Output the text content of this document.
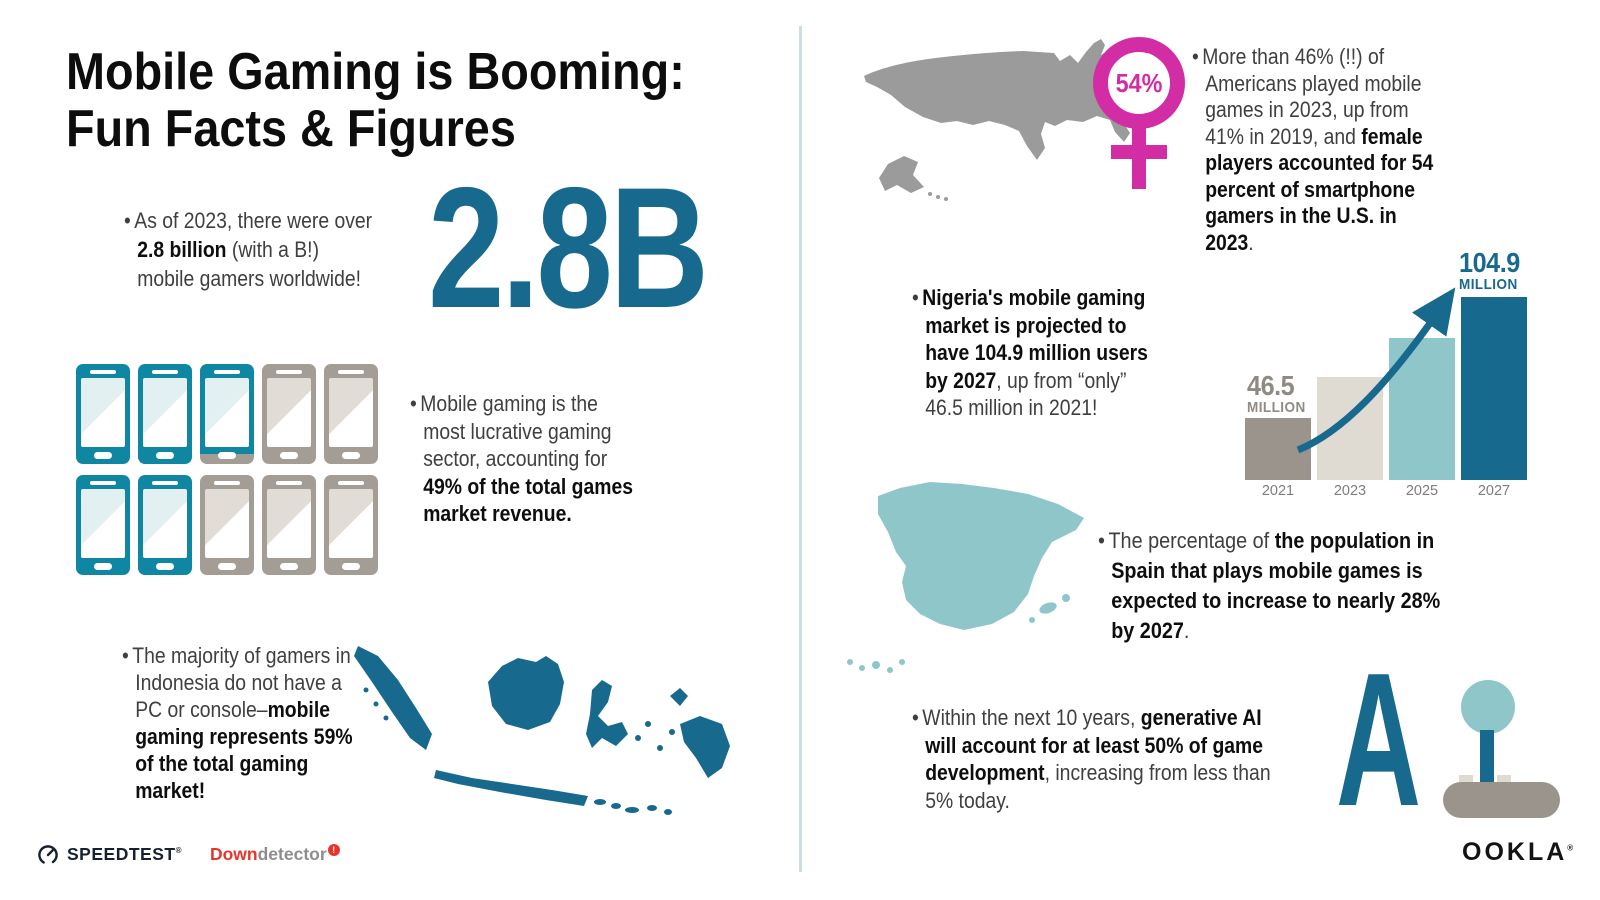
Mobile Gaming is Booming:
Fun Facts & Figures
• As of 2023, there were over 2.8 billion (with a B!) mobile gamers worldwide! 2.8B
• Mobile gaming is the most lucrative gaming sector, accounting for 49% of the total games market revenue.
• The majority of gamers in Indonesia do not have a PC or console–mobile gaming represents 59% of the total gaming market!
54%
• More than 46% (!!) of Americans played mobile games in 2023, up from 41% in 2019, and female players accounted for 54 percent of smartphone gamers in the U.S. in 2023.
• Nigeria's mobile gaming market is projected to have 104.9 million users by 2027, up from “only” 46.5 million in 2021!
2021	2023	2025	2027
46.5
MILLION
104.9
MILLION
• The percentage of the population in Spain that plays mobile games is expected to increase to nearly 28% by 2027.
• Within the next 10 years, generative AI will account for at least 50% of game development, increasing from less than 5% today.	A
SPEEDTEST® Downdetector !	OOKLA®
